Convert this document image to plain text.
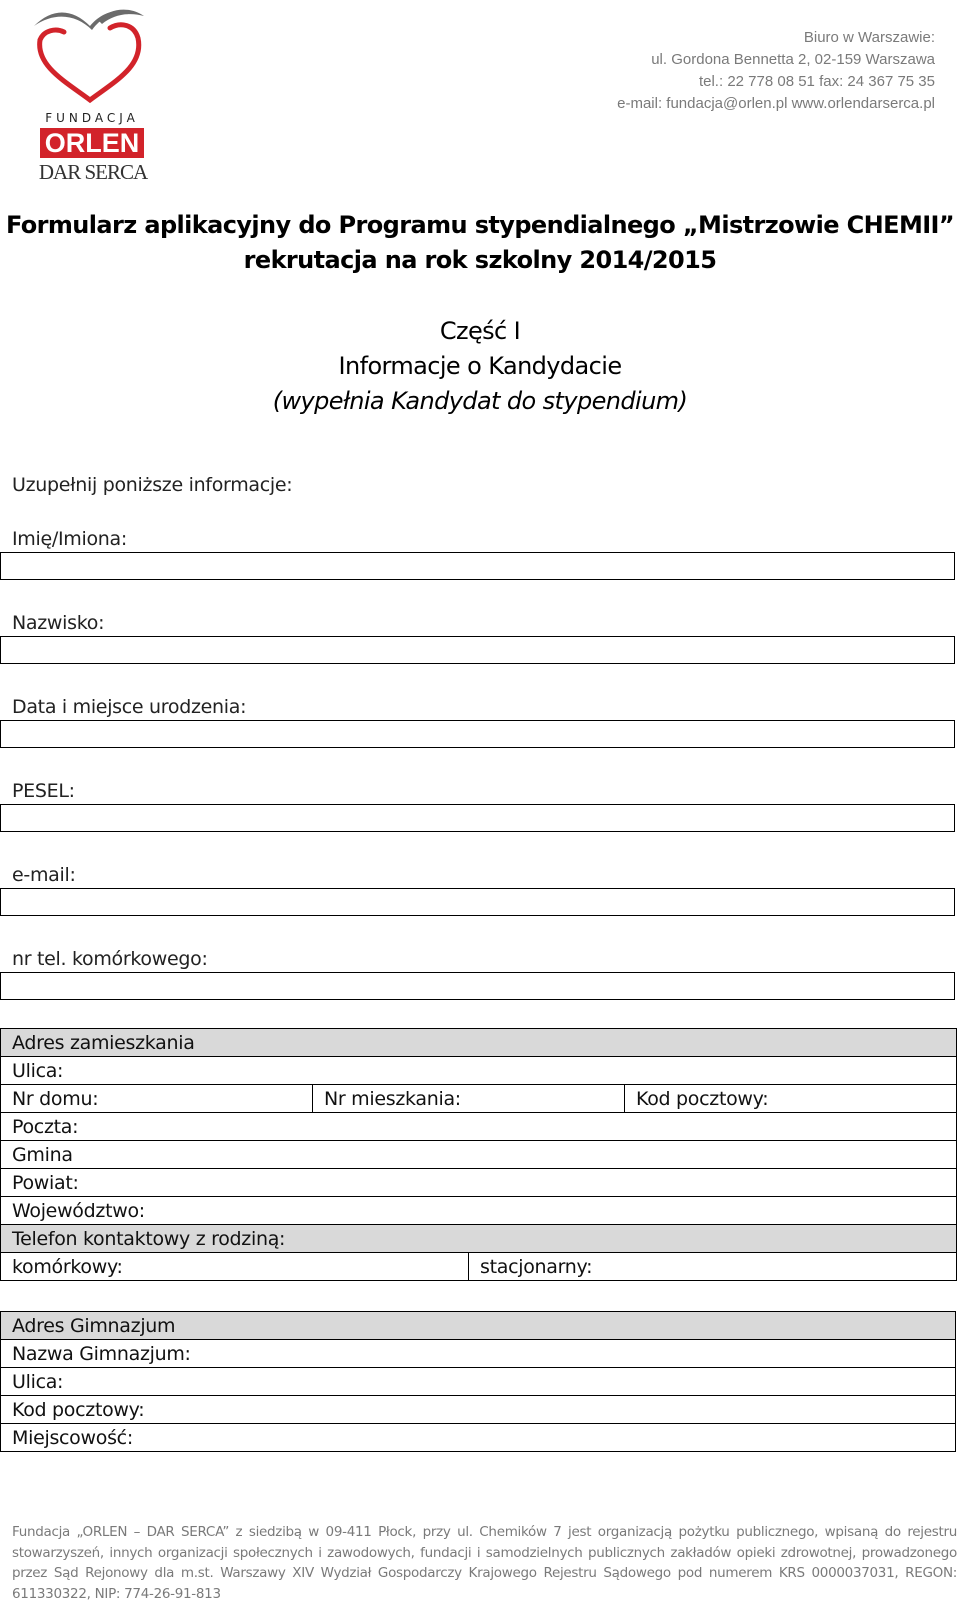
FUNDACJA
ORLEN
DAR SERCA
Biuro w Warszawie:
ul. Gordona Bennetta 2, 02-159 Warszawa
tel.: 22 778 08 51 fax: 24 367 75 35
e-mail: fundacja@orlen.pl www.orlendarserca.pl
Formularz aplikacyjny do Programu stypendialnego „Mistrzowie CHEMII”
rekrutacja na rok szkolny 2014/2015
Część I
Informacje o Kandydacie
(wypełnia Kandydat do stypendium)
Uzupełnij poniższe informacje:
Imię/Imiona:
Nazwisko:
Data i miejsce urodzenia:
PESEL:
e-mail:
nr tel. komórkowego:
Adres zamieszkania			
Ulica:			
Nr domu:	Nr mieszkania:		Kod pocztowy:
Poczta:			
Gmina			
Powiat:			
Województwo:			
Telefon kontaktowy z rodziną:			
komórkowy:		stacjonarny:	
Adres Gimnazjum
Nazwa Gimnazjum:
Ulica:
Kod pocztowy:
Miejscowość:
Fundacja „ORLEN – DAR SERCA” z siedzibą w 09-411 Płock, przy ul. Chemików 7 jest organizacją pożytku publicznego, wpisaną do rejestru stowarzyszeń, innych organizacji społecznych i zawodowych, fundacji i samodzielnych publicznych zakładów opieki zdrowotnej, prowadzonego przez Sąd Rejonowy dla m.st. Warszawy XIV Wydział Gospodarczy Krajowego Rejestru Sądowego pod numerem KRS 0000037031, REGON: 611330322, NIP: 774-26-91-813
